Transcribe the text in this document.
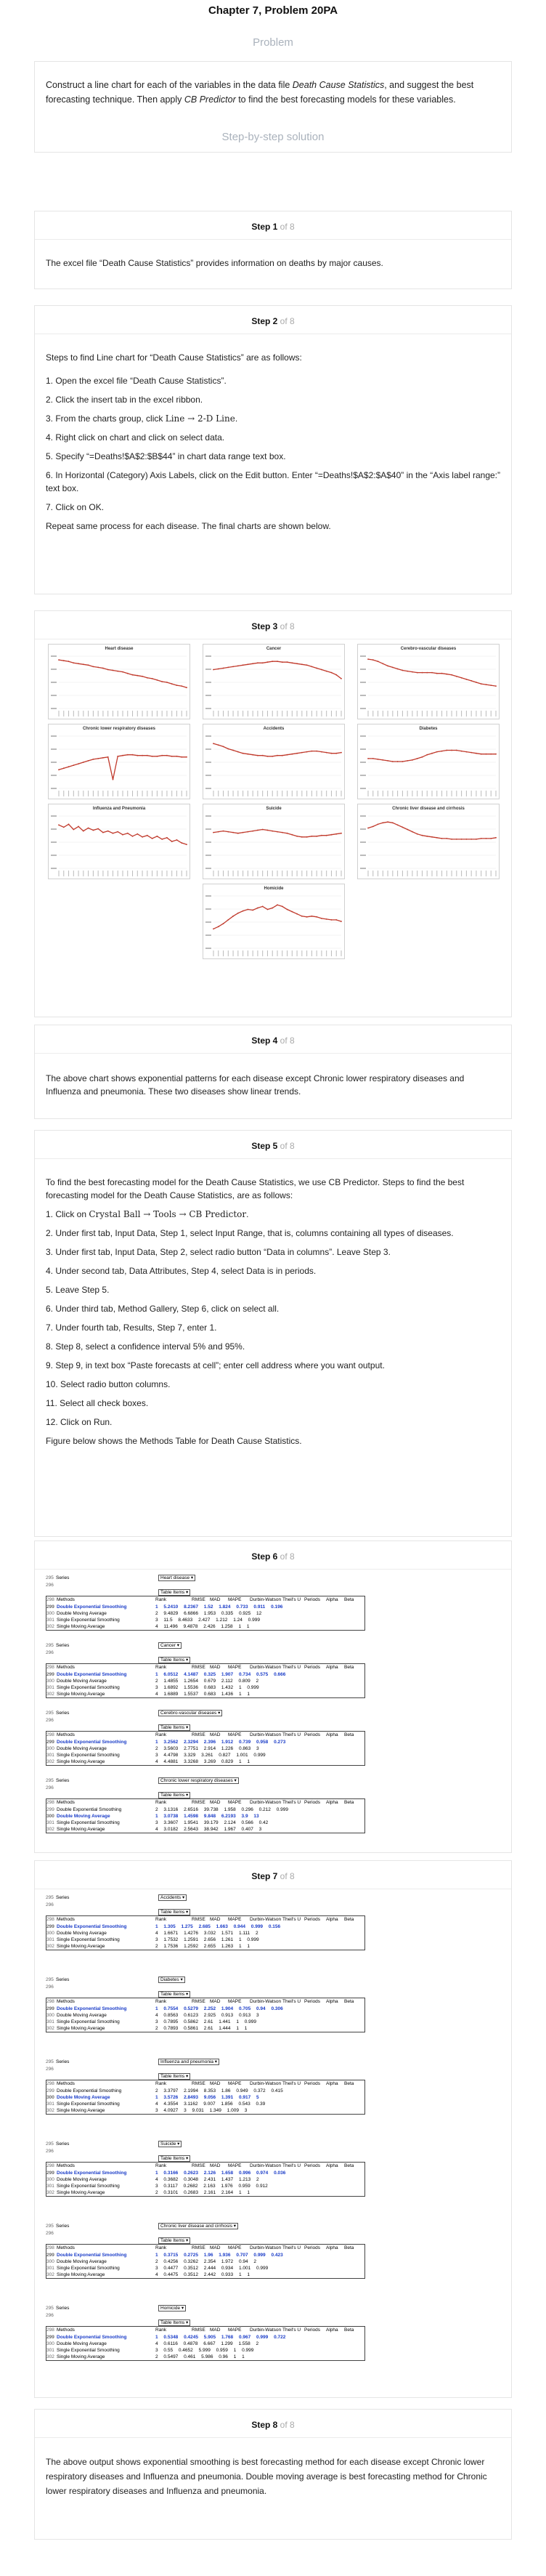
Chapter 7, Problem 20PA
Problem
Construct a line chart for each of the variables in the data file Death Cause Statistics, and suggest the best forecasting technique. Then apply CB Predictor to find the best forecasting models for these variables.
Step-by-step solution
Step 1 of 8
The excel file “Death Cause Statistics” provides information on deaths by major causes.
Step 2 of 8

Steps to find Line chart for “Death Cause Statistics” are as follows:

1. Open the excel file “Death Cause Statistics”.

2. Click the insert tab in the excel ribbon.

3. From the charts group, click Line → 2-D Line.

4. Right click on chart and click on select data.

5. Specify “=Deaths!$A$2:$B$44” in chart data range text box.

6. In Horizontal (Category) Axis Labels, click on the Edit button. Enter “=Deaths!$A$2:$A$40” in the “Axis label range:” text box.

7. Click on OK.

Repeat same process for each disease. The final charts are shown below.

Step 3 of 8
Heart disease	Cancer	Cerebro-vascular diseases
Chronic lower respiratory diseases	Accidents	Diabetes
Influenza and Pneumonia	Suicide	Chronic liver disease and cirrhosis
Homicide
Step 4 of 8
The above chart shows exponential patterns for each disease except Chronic lower respiratory diseases and Influenza and pneumonia. These two diseases show linear trends.
Step 5 of 8

To find the best forecasting model for the Death Cause Statistics, we use CB Predictor. Steps to find the best forecasting model for the Death Cause Statistics, are as follows:

1. Click on Crystal Ball → Tools → CB Predictor.

2. Under first tab, Input Data, Step 1, select Input Range, that is, columns containing all types of diseases.

3. Under first tab, Input Data, Step 2, select radio button “Data in columns”. Leave Step 3.

4. Under second tab, Data Attributes, Step 4, select Data is in periods.

5. Leave Step 5.

6. Under third tab, Method Gallery, Step 6, click on select all.

7. Under fourth tab, Results, Step 7, enter 1.

8. Step 8, select a confidence interval 5% and 95%.

9. Step 9, in text box “Paste forecasts at cell”; enter cell address where you want output.

10. Select radio button columns.

11. Select all check boxes.

12. Click on Run.

Figure below shows the Methods Table for Death Cause Statistics.

Step 6 of 8
295 Series	Heart disease ▾
296
Table Items ▾
298 Methods	Rank	RMSE MAD MAPE Durbin-Watson Theil's U Periods Alpha Beta
299 Double Exponential Smoothing	1 5.2410 8.2367 1.52 1.824 0.733 0.911 0.196
300 Double Moving Average	2 9.4829 6.6866 1.953 0.335 0.925 12
301 Single Exponential Smoothing	3 11.5 8.4633 2.427 1.212 1.24 0.999
302 Single Moving Average	4 11.496 9.4878 2.426 1.258 1 1
295 Series	Cancer ▾
296
Table Items ▾
298 Methods	Rank	RMSE MAD MAPE Durbin-Watson Theil's U Periods Alpha Beta
299 Double Exponential Smoothing	1 6.0512 4.1487 0.325 1.907 0.734 0.575 0.666
300 Double Moving Average	2 1.4855 1.2654 0.679 2.112 0.809 2
301 Single Exponential Smoothing	3 1.6892 1.5536 0.683 1.432 1 0.999
302 Single Moving Average	4 1.6889 1.5537 0.683 1.436 1 1
295 Series	Cerebro-vascular diseases ▾
296
Table Items ▾
298 Methods	Rank	RMSE MAD MAPE Durbin-Watson Theil's U Periods Alpha Beta
299 Double Exponential Smoothing	1 3.2562 2.3294 2.396 1.912 0.739 0.958 0.273
300 Double Moving Average	2 3.5603 2.7751 2.914 1.226 0.863 3
301 Single Exponential Smoothing	3 4.4798 3.329 3.261 0.827 1.001 0.999
302 Single Moving Average	4 4.4881 3.3268 3.269 0.829 1 1
295 Series	Chronic lower respiratory diseases ▾
296
Table Items ▾
298 Methods	Rank	RMSE MAD MAPE Durbin-Watson Theil's U Periods Alpha Beta
299 Double Exponential Smoothing	2 3.1316 2.6516 39.738 1.958 0.296 0.212 0.999
300 Double Moving Average	1 3.0738 1.4598 9.848 6.2193 3.9 13
301 Single Exponential Smoothing	3 3.3607 1.9541 39.179 2.124 0.566 0.42
302 Single Moving Average	4 3.0182 2.5643 38.942 1.967 0.407 3
Step 7 of 8
295 Series	Accidents ▾
296
Table Items ▾
298 Methods	Rank	RMSE MAD MAPE Durbin-Watson Theil's U Periods Alpha Beta
299 Double Exponential Smoothing	1 1.305 1.275 2.685 1.663 0.944 0.999 0.156
300 Double Moving Average	4 1.6671 1.4276 3.032 1.571 1.111 2
301 Single Exponential Smoothing	3 1.7532 1.2591 2.656 1.261 1 0.999
302 Single Moving Average	2 1.7536 1.2592 2.655 1.263 1 1
295 Series	Diabetes ▾
296
Table Items ▾
298 Methods	Rank	RMSE MAD MAPE Durbin-Watson Theil's U Periods Alpha Beta
299 Double Exponential Smoothing	1 0.7554 0.5279 2.252 1.904 0.705 0.94 0.306
300 Double Moving Average	4 0.8563 0.6123 2.925 0.913 0.913 3
301 Single Exponential Smoothing	3 0.7895 0.5862 2.61 1.441 1 0.999
302 Single Moving Average	2 0.7893 0.5861 2.61 1.444 1 1
295 Series	Influenza and pneumonia ▾
296
Table Items ▾
298 Methods	Rank	RMSE MAD MAPE Durbin-Watson Theil's U Periods Alpha Beta
299 Double Exponential Smoothing	2 3.3797 2.1994 8.353 1.86 0.949 0.372 0.415
300 Double Moving Average	1 3.5726 2.8493 9.056 1.391 0.917 5
301 Single Exponential Smoothing	4 4.3554 3.1162 9.007 1.856 0.543 0.39
302 Single Moving Average	3 4.0927 3 9.031 1.349 1.009 3
295 Series	Suicide ▾
296
Table Items ▾
298 Methods	Rank	RMSE MAD MAPE Durbin-Watson Theil's U Periods Alpha Beta
299 Double Exponential Smoothing	1 0.3166 0.2623 2.126 1.658 0.996 0.974 0.036
300 Double Moving Average	4 0.3682 0.3048 2.431 1.437 1.213 2
301 Single Exponential Smoothing	3 0.3117 0.2682 2.163 1.976 0.959 0.912
302 Single Moving Average	2 0.3101 0.2683 2.161 2.164 1 1
295 Series	Chronic liver disease and cirrhosis ▾
296
Table Items ▾
298 Methods	Rank	RMSE MAD MAPE Durbin-Watson Theil's U Periods Alpha Beta
299 Double Exponential Smoothing	1 0.3715 0.2725 1.96 1.936 0.707 0.999 0.423
300 Double Moving Average	2 0.4256 0.3262 2.354 1.972 0.94 2
301 Single Exponential Smoothing	3 0.4477 0.3512 2.444 0.934 1.001 0.999
302 Single Moving Average	4 0.4475 0.3512 2.442 0.933 1 1
295 Series	Homicide ▾
296
Table Items ▾
298 Methods	Rank	RMSE MAD MAPE Durbin-Watson Theil's U Periods Alpha Beta
299 Double Exponential Smoothing	1 0.5348 0.4245 5.905 1.768 0.967 0.999 0.722
300 Double Moving Average	4 0.6116 0.4878 6.667 1.299 1.558 2
301 Single Exponential Smoothing	3 0.55 0.4652 5.999 0.959 1 0.999
302 Single Moving Average	2 0.5497 0.461 5.986 0.96 1 1
Step 8 of 8
The above output shows exponential smoothing is best forecasting method for each disease except Chronic lower respiratory diseases and Influenza and pneumonia. Double moving average is best forecasting method for Chronic lower respiratory diseases and Influenza and pneumonia.
